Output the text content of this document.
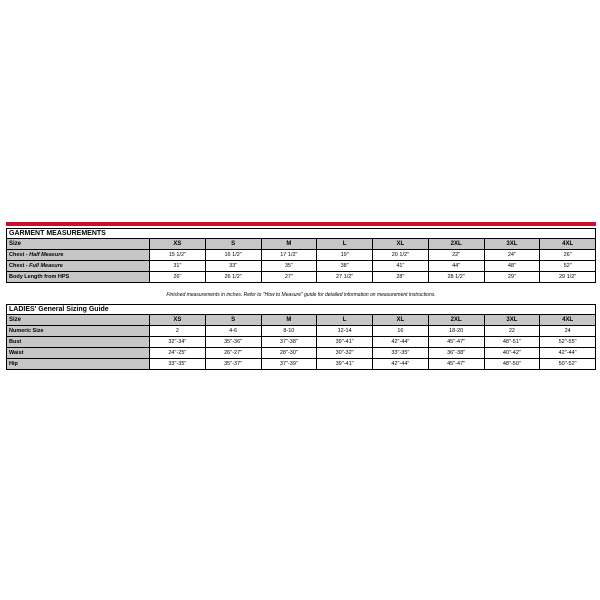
GARMENT MEASUREMENTS
Size	XS	S	M	L	XL	2XL	3XL	4XL
Chest - Half Measure	15 1/2"	16 1/2"	17 1/2"	19"	20 1/2"	22"	24"	26"
Chest - Full Measure	31"	33"	35"	38"	41"	44"	48"	52"
Body Length from HPS	26"	26 1/2"	27"	27 1/2"	28"	28 1/2"	29"	29 1/2"
Finished measurements in inches. Refer to "How to Measure" guide for detailed information on measurement instructions.
LADIES' General Sizing Guide
Size	XS	S	M	L	XL	2XL	3XL	4XL
Numeric Size	2	4-6	8-10	12-14	16	18-20	22	24
Bust	32"-34"	35"-36"	37"-38"	39"-41"	42"-44"	45"-47"	48"-51"	52"-55"
Waist	24"-25"	26"-27"	28"-30"	30"-32"	33"-35"	36"-38"	40"-42"	42"-44"
Hip	33"-35"	35"-37"	37"-39"	39"-41"	42"-44"	45"-47"	48"-50"	50"-52"
